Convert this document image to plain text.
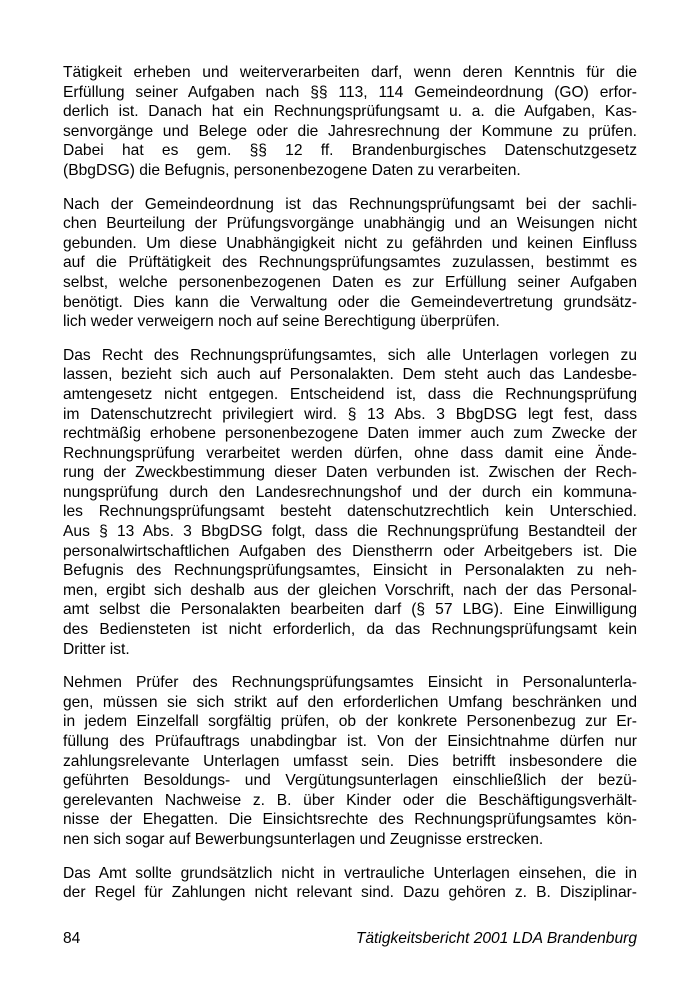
Tätigkeit erheben und weiterverarbeiten darf, wenn deren Kenntnis für die
Erfüllung seiner Aufgaben nach §§ 113, 114 Gemeindeordnung (GO) erfor-
derlich ist. Danach hat ein Rechnungsprüfungsamt u. a. die Aufgaben, Kas-
senvorgänge und Belege oder die Jahresrechnung der Kommune zu prüfen.
Dabei hat es gem. §§ 12 ff. Brandenburgisches Datenschutzgesetz
(BbgDSG) die Befugnis, personenbezogene Daten zu verarbeiten.
Nach der Gemeindeordnung ist das Rechnungsprüfungsamt bei der sachli-
chen Beurteilung der Prüfungsvorgänge unabhängig und an Weisungen nicht
gebunden. Um diese Unabhängigkeit nicht zu gefährden und keinen Einfluss
auf die Prüftätigkeit des Rechnungsprüfungsamtes zuzulassen, bestimmt es
selbst, welche personenbezogenen Daten es zur Erfüllung seiner Aufgaben
benötigt. Dies kann die Verwaltung oder die Gemeindevertretung grundsätz-
lich weder verweigern noch auf seine Berechtigung überprüfen.
Das Recht des Rechnungsprüfungsamtes, sich alle Unterlagen vorlegen zu
lassen, bezieht sich auch auf Personalakten. Dem steht auch das Landesbe-
amtengesetz nicht entgegen. Entscheidend ist, dass die Rechnungsprüfung
im Datenschutzrecht privilegiert wird. § 13 Abs. 3 BbgDSG legt fest, dass
rechtmäßig erhobene personenbezogene Daten immer auch zum Zwecke der
Rechnungsprüfung verarbeitet werden dürfen, ohne dass damit eine Ände-
rung der Zweckbestimmung dieser Daten verbunden ist. Zwischen der Rech-
nungsprüfung durch den Landesrechnungshof und der durch ein kommuna-
les Rechnungsprüfungsamt besteht datenschutzrechtlich kein Unterschied.
Aus § 13 Abs. 3 BbgDSG folgt, dass die Rechnungsprüfung Bestandteil der
personalwirtschaftlichen Aufgaben des Dienstherrn oder Arbeitgebers ist. Die
Befugnis des Rechnungsprüfungsamtes, Einsicht in Personalakten zu neh-
men, ergibt sich deshalb aus der gleichen Vorschrift, nach der das Personal-
amt selbst die Personalakten bearbeiten darf (§ 57 LBG). Eine Einwilligung
des Bediensteten ist nicht erforderlich, da das Rechnungsprüfungsamt kein
Dritter ist.
Nehmen Prüfer des Rechnungsprüfungsamtes Einsicht in Personalunterla-
gen, müssen sie sich strikt auf den erforderlichen Umfang beschränken und
in jedem Einzelfall sorgfältig prüfen, ob der konkrete Personenbezug zur Er-
füllung des Prüfauftrags unabdingbar ist. Von der Einsichtnahme dürfen nur
zahlungsrelevante Unterlagen umfasst sein. Dies betrifft insbesondere die
geführten Besoldungs- und Vergütungsunterlagen einschließlich der bezü-
gerelevanten Nachweise z. B. über Kinder oder die Beschäftigungsverhält-
nisse der Ehegatten. Die Einsichtsrechte des Rechnungsprüfungsamtes kön-
nen sich sogar auf Bewerbungsunterlagen und Zeugnisse erstrecken.
Das Amt sollte grundsätzlich nicht in vertrauliche Unterlagen einsehen, die in
der Regel für Zahlungen nicht relevant sind. Dazu gehören z. B. Disziplinar-
84	Tätigkeitsbericht 2001 LDA Brandenburg
